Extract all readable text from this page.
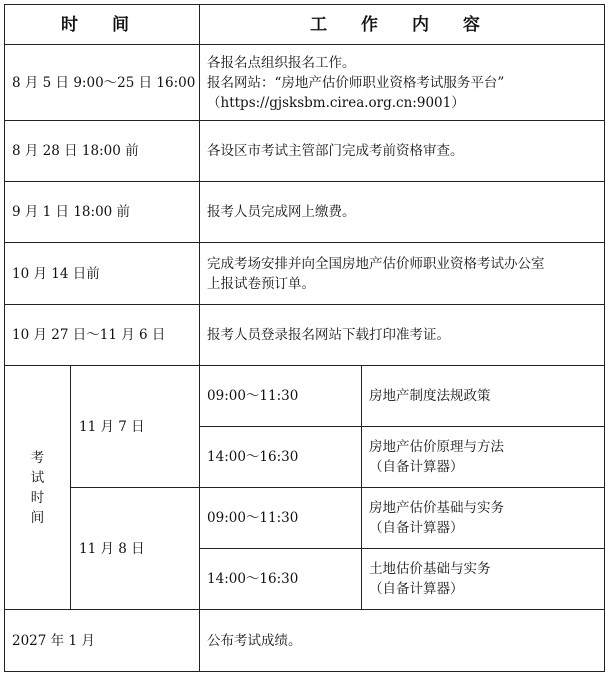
时 间		工 作 内 容	
8 月 5 日 9:00～25 日 16:00		各报名点组织报名工作。
报名网站：“房地产估价师职业资格考试服务平台”
（https://gjsksbm.cirea.org.cn:9001）	

8 月 28 日 18:00 前		各设区市考试主管部门完成考前资格审查。	

9 月 1 日 18:00 前		报考人员完成网上缴费。	

10 月 14 日前		完成考场安排并向全国房地产估价师职业资格考试办公室
上报试卷预订单。	

10 月 27 日～11 月 6 日		报考人员登录报名网站下载打印准考证。	

考
试
时
间	11 月 7 日	09:00～11:30	房地产制度法规政策

		14:00～16:30	房地产估价原理与方法
（自备计算器）

	11 月 8 日	09:00～11:30	房地产估价基础与实务
（自备计算器）

		14:00～16:30	土地估价基础与实务
（自备计算器）

2027 年 1 月		公布考试成绩。	
